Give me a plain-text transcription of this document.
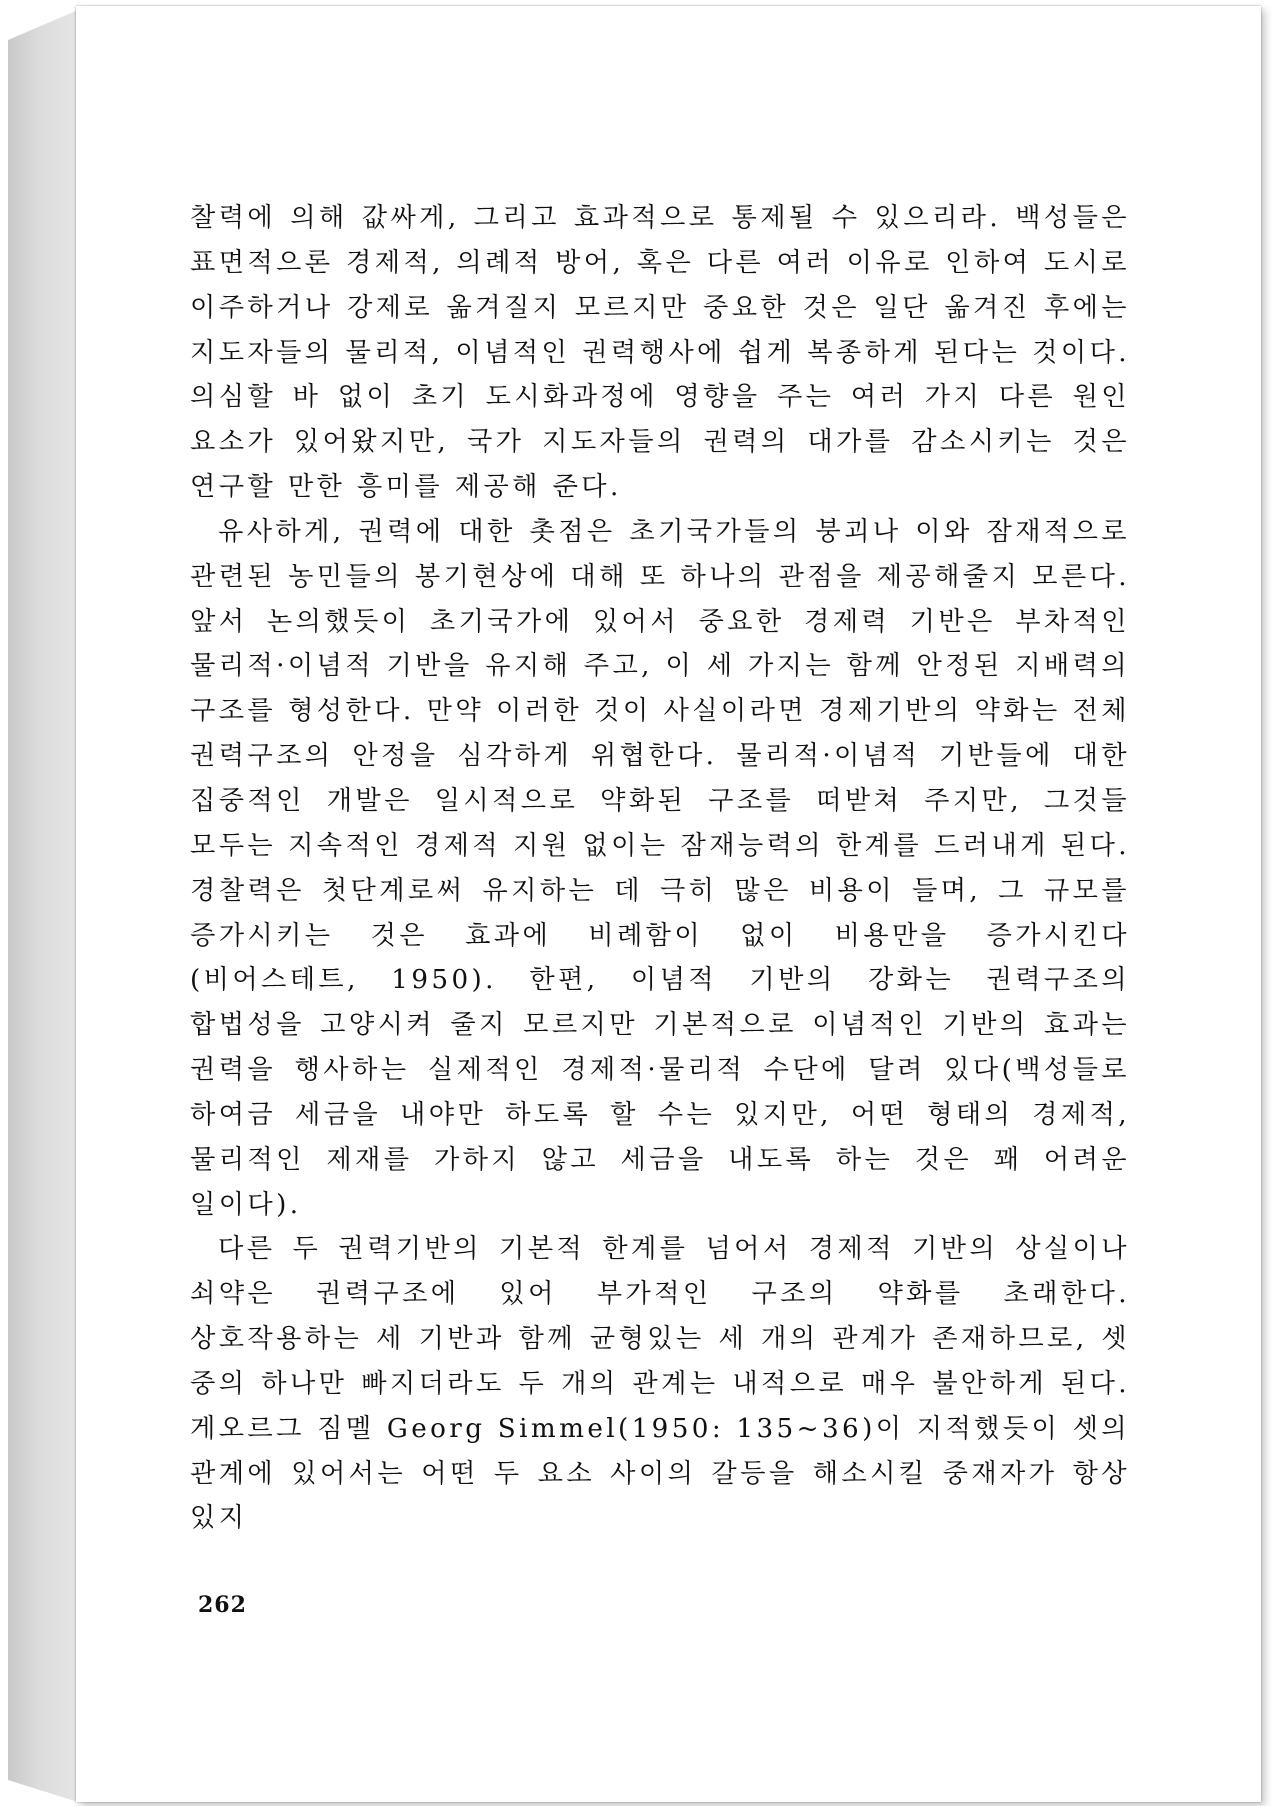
찰력에 의해 값싸게, 그리고 효과적으로 통제될 수 있으리라. 백성들은 표면적으론 경제적, 의례적 방어, 혹은 다른 여러 이유로 인하여 도시로 이주하거나 강제로 옮겨질지 모르지만 중요한 것은 일단 옮겨진 후에는 지도자들의 물리적, 이념적인 권력행사에 쉽게 복종하게 된다는 것이다. 의심할 바 없이 초기 도시화과정에 영향을 주는 여러 가지 다른 원인 요소가 있어왔지만, 국가 지도자들의 권력의 대가를 감소시키는 것은 연구할 만한 흥미를 제공해 준다.

유사하게, 권력에 대한 촛점은 초기국가들의 붕괴나 이와 잠재적으로 관련된 농민들의 봉기현상에 대해 또 하나의 관점을 제공해줄지 모른다. 앞서 논의했듯이 초기국가에 있어서 중요한 경제력 기반은 부차적인 물리적·이념적 기반을 유지해 주고, 이 세 가지는 함께 안정된 지배력의 구조를 형성한다. 만약 이러한 것이 사실이라면 경제기반의 약화는 전체 권력구조의 안정을 심각하게 위협한다. 물리적·이념적 기반들에 대한 집중적인 개발은 일시적으로 약화된 구조를 떠받쳐 주지만, 그것들 모두는 지속적인 경제적 지원 없이는 잠재능력의 한계를 드러내게 된다. 경찰력은 첫단계로써 유지하는 데 극히 많은 비용이 들며, 그 규모를 증가시키는 것은 효과에 비례함이 없이 비용만을 증가시킨다(비어스테트, 1950). 한편, 이념적 기반의 강화는 권력구조의 합법성을 고양시켜 줄지 모르지만 기본적으로 이념적인 기반의 효과는 권력을 행사하는 실제적인 경제적·물리적 수단에 달려 있다(백성들로 하여금 세금을 내야만 하도록 할 수는 있지만, 어떤 형태의 경제적, 물리적인 제재를 가하지 않고 세금을 내도록 하는 것은 꽤 어려운 일이다).

다른 두 권력기반의 기본적 한계를 넘어서 경제적 기반의 상실이나 쇠약은 권력구조에 있어 부가적인 구조의 약화를 초래한다. 상호작용하는 세 기반과 함께 균형있는 세 개의 관계가 존재하므로, 셋 중의 하나만 빠지더라도 두 개의 관계는 내적으로 매우 불안하게 된다. 게오르그 짐멜 Georg Simmel(1950: 135~36)이 지적했듯이 셋의 관계에 있어서는 어떤 두 요소 사이의 갈등을 해소시킬 중재자가 항상 있지

262
